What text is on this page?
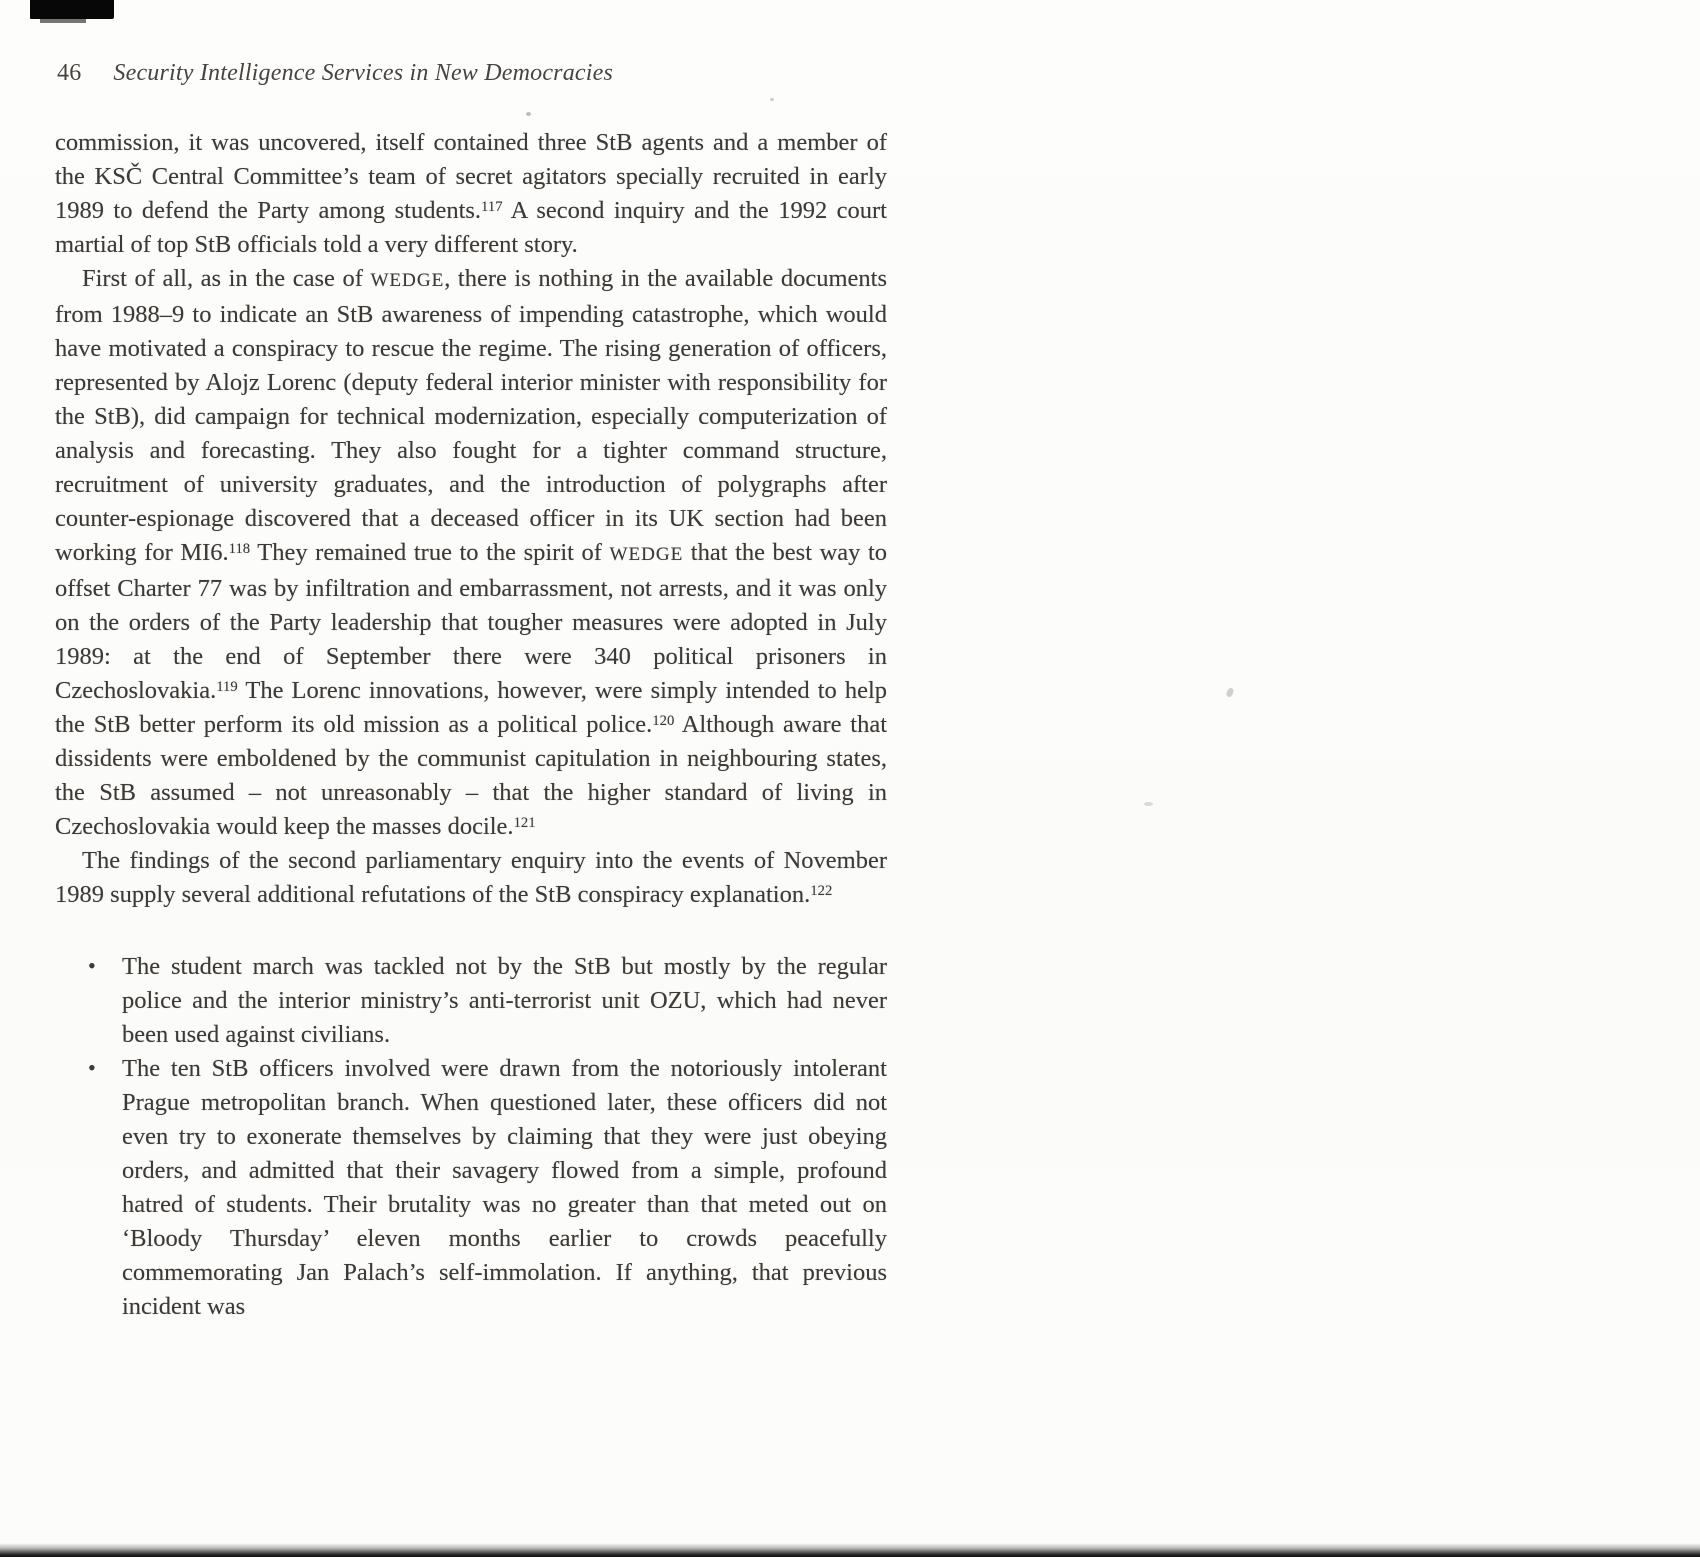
46 Security Intelligence Services in New Democracies

commission, it was uncovered, itself contained three StB agents and a member of the KSČ Central Committee’s team of secret agitators specially recruited in early 1989 to defend the Party among students.$^{117}$ A second inquiry and the 1992 court martial of top StB officials told a very different story.

First of all, as in the case of WEDGE, there is nothing in the available documents from 1988–9 to indicate an StB awareness of impending catastrophe, which would have motivated a conspiracy to rescue the regime. The rising generation of officers, represented by Alojz Lorenc (deputy federal interior minister with responsibility for the StB), did campaign for technical modernization, especially computerization of analysis and forecasting. They also fought for a tighter command structure, recruitment of university graduates, and the introduction of polygraphs after counter-espionage discovered that a deceased officer in its UK section had been working for MI6.$^{118}$ They remained true to the spirit of WEDGE that the best way to offset Charter 77 was by infiltration and embarrassment, not arrests, and it was only on the orders of the Party leadership that tougher measures were adopted in July 1989: at the end of September there were 340 political prisoners in Czechoslovakia.$^{119}$ The Lorenc innovations, however, were simply intended to help the StB better perform its old mission as a political police.$^{120}$ Although aware that dissidents were emboldened by the communist capitulation in neighbouring states, the StB assumed – not unreasonably – that the higher standard of living in Czechoslovakia would keep the masses docile.$^{121}$

The findings of the second parliamentary enquiry into the events of November 1989 supply several additional refutations of the StB conspiracy explanation.$^{122}$

• The student march was tackled not by the StB but mostly by the regular police and the interior ministry’s anti-terrorist unit OZU, which had never been used against civilians.
• The ten StB officers involved were drawn from the notoriously intolerant Prague metropolitan branch. When questioned later, these officers did not even try to exonerate themselves by claiming that they were just obeying orders, and admitted that their savagery flowed from a simple, profound hatred of students. Their brutality was no greater than that meted out on ‘Bloody Thursday’ eleven months earlier to crowds peacefully commemorating Jan Palach’s self-immolation. If anything, that previous incident was
